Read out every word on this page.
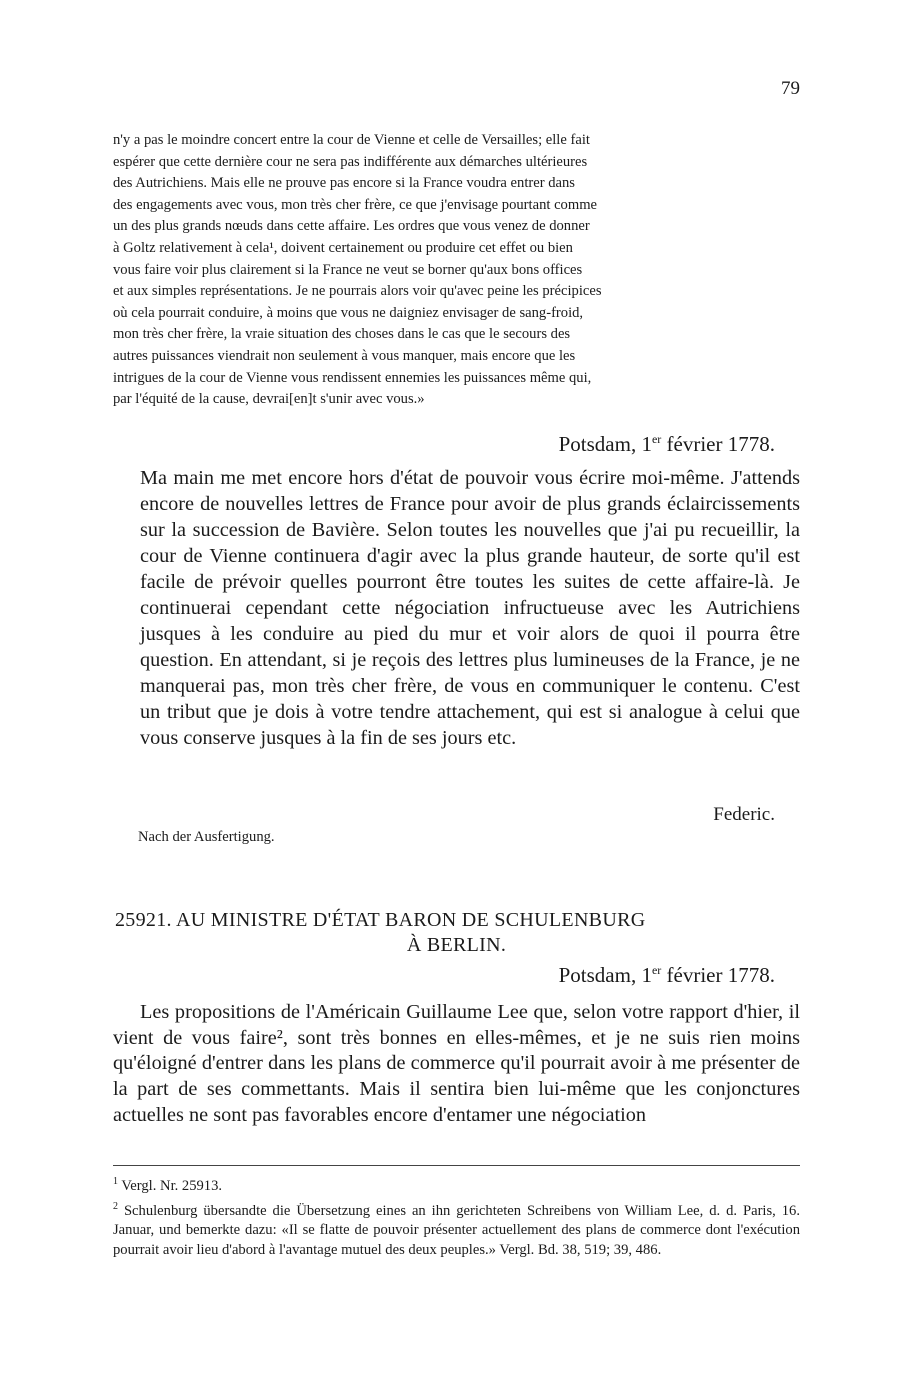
79
n'y a pas le moindre concert entre la cour de Vienne et celle de Versailles; elle fait
espérer que cette dernière cour ne sera pas indifférente aux démarches ultérieures
des Autrichiens. Mais elle ne prouve pas encore si la France voudra entrer dans
des engagements avec vous, mon très cher frère, ce que j'envisage pourtant comme
un des plus grands nœuds dans cette affaire. Les ordres que vous venez de donner
à Goltz relativement à cela¹, doivent certainement ou produire cet effet ou bien
vous faire voir plus clairement si la France ne veut se borner qu'aux bons offices
et aux simples représentations. Je ne pourrais alors voir qu'avec peine les précipices
où cela pourrait conduire, à moins que vous ne daigniez envisager de sang-froid,
mon très cher frère, la vraie situation des choses dans le cas que le secours des
autres puissances viendrait non seulement à vous manquer, mais encore que les
intrigues de la cour de Vienne vous rendissent ennemies les puissances même qui,
par l'équité de la cause, devrai[en]t s'unir avec vous.»
Potsdam, 1er février 1778.
Ma main me met encore hors d'état de pouvoir vous écrire moi-même. J'attends encore de nouvelles lettres de France pour avoir de plus grands éclaircissements sur la succession de Bavière. Selon toutes les nouvelles que j'ai pu recueillir, la cour de Vienne continuera d'agir avec la plus grande hauteur, de sorte qu'il est facile de prévoir quelles pourront être toutes les suites de cette affaire-là. Je continuerai cependant cette négociation infructueuse avec les Autrichiens jusques à les conduire au pied du mur et voir alors de quoi il pourra être question. En attendant, si je reçois des lettres plus lumineuses de la France, je ne manquerai pas, mon très cher frère, de vous en communiquer le contenu. C'est un tribut que je dois à votre tendre attachement, qui est si analogue à celui que vous conserve jusques à la fin de ses jours etc.
Federic.
Nach der Ausfertigung.
25921. AU MINISTRE D'ÉTAT BARON DE SCHULENBURG
À BERLIN.
Potsdam, 1er février 1778.
Les propositions de l'Américain Guillaume Lee que, selon votre rapport d'hier, il vient de vous faire², sont très bonnes en elles-mêmes, et je ne suis rien moins qu'éloigné d'entrer dans les plans de commerce qu'il pourrait avoir à me présenter de la part de ses commettants. Mais il sentira bien lui-même que les conjonctures actuelles ne sont pas favorables encore d'entamer une négociation

$^1$ Vergl. Nr. 25913.

$^2$ Schulenburg übersandte die Übersetzung eines an ihn gerichteten Schreibens von William Lee, d. d. Paris, 16. Januar, und bemerkte dazu: «Il se flatte de pouvoir présenter actuellement des plans de commerce dont l'exécution pourrait avoir lieu d'abord à l'avantage mutuel des deux peuples.» Vergl. Bd. 38, 519; 39, 486.
